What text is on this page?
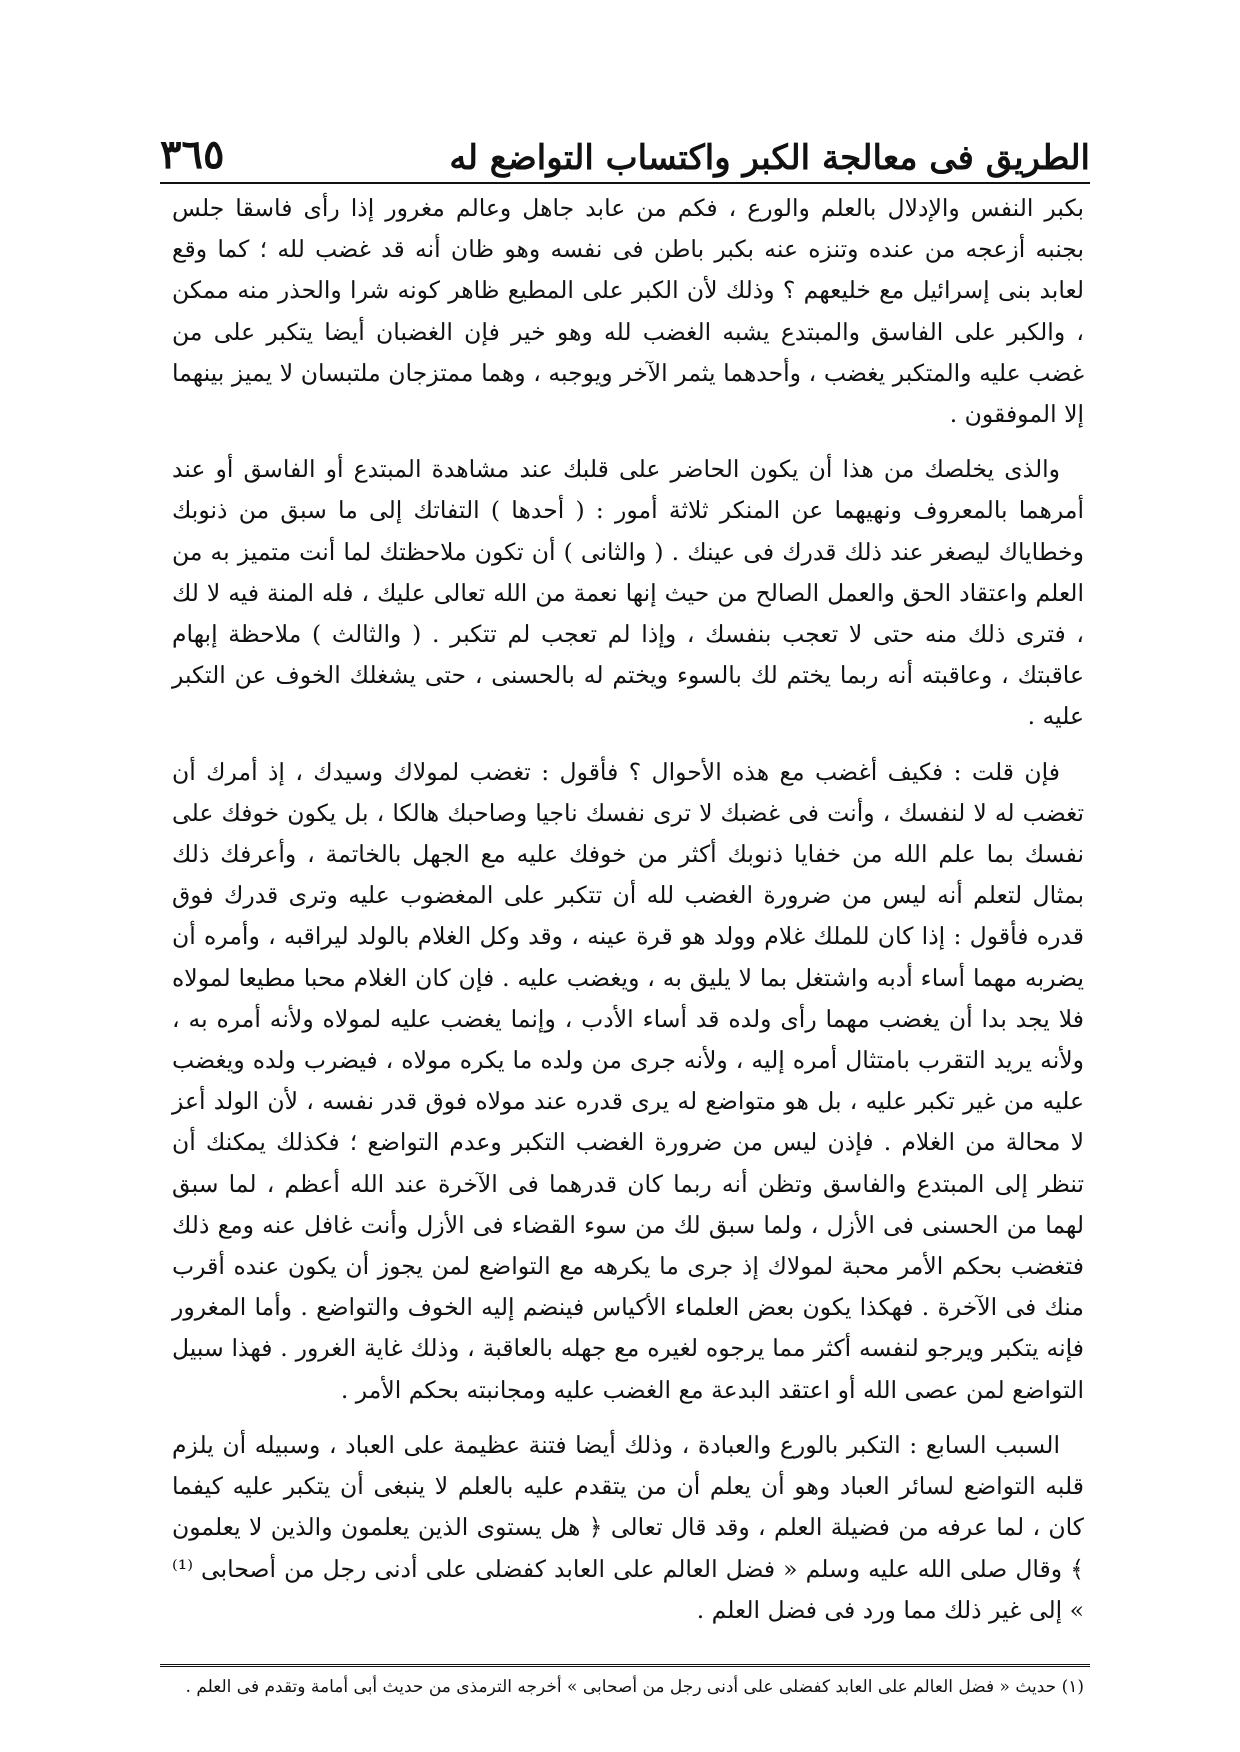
الطريق فى معالجة الكبر واكتساب التواضع له
٣٦٥

بكبر النفس والإدلال بالعلم والورع ، فكم من عابد جاهل وعالم مغرور إذا رأى فاسقا جلس بجنبه أزعجه من عنده وتنزه عنه بكبر باطن فى نفسه وهو ظان أنه قد غضب لله ؛ كما وقع لعابد بنى إسرائيل مع خليعهم ؟ وذلك لأن الكبر على المطيع ظاهر كونه شرا والحذر منه ممكن ، والكبر على الفاسق والمبتدع يشبه الغضب لله وهو خير فإن الغضبان أيضا يتكبر على من غضب عليه والمتكبر يغضب ، وأحدهما يثمر الآخر ويوجبه ، وهما ممتزجان ملتبسان لا يميز بينهما إلا الموفقون .

والذى يخلصك من هذا أن يكون الحاضر على قلبك عند مشاهدة المبتدع أو الفاسق أو عند أمرهما بالمعروف ونهيهما عن المنكر ثلاثة أمور : ( أحدها ) التفاتك إلى ما سبق من ذنوبك وخطاياك ليصغر عند ذلك قدرك فى عينك . ( والثانى ) أن تكون ملاحظتك لما أنت متميز به من العلم واعتقاد الحق والعمل الصالح من حيث إنها نعمة من الله تعالى عليك ، فله المنة فيه لا لك ، فترى ذلك منه حتى لا تعجب بنفسك ، وإذا لم تعجب لم تتكبر . ( والثالث ) ملاحظة إبهام عاقبتك ، وعاقبته أنه ربما يختم لك بالسوء ويختم له بالحسنى ، حتى يشغلك الخوف عن التكبر عليه .

فإن قلت : فكيف أغضب مع هذه الأحوال ؟ فأقول : تغضب لمولاك وسيدك ، إذ أمرك أن تغضب له لا لنفسك ، وأنت فى غضبك لا ترى نفسك ناجيا وصاحبك هالكا ، بل يكون خوفك على نفسك بما علم الله من خفايا ذنوبك أكثر من خوفك عليه مع الجهل بالخاتمة ، وأعرفك ذلك بمثال لتعلم أنه ليس من ضرورة الغضب لله أن تتكبر على المغضوب عليه وترى قدرك فوق قدره فأقول : إذا كان للملك غلام وولد هو قرة عينه ، وقد وكل الغلام بالولد ليراقبه ، وأمره أن يضربه مهما أساء أدبه واشتغل بما لا يليق به ، ويغضب عليه . فإن كان الغلام محبا مطيعا لمولاه فلا يجد بدا أن يغضب مهما رأى ولده قد أساء الأدب ، وإنما يغضب عليه لمولاه ولأنه أمره به ، ولأنه يريد التقرب بامتثال أمره إليه ، ولأنه جرى من ولده ما يكره مولاه ، فيضرب ولده ويغضب عليه من غير تكبر عليه ، بل هو متواضع له يرى قدره عند مولاه فوق قدر نفسه ، لأن الولد أعز لا محالة من الغلام . فإذن ليس من ضرورة الغضب التكبر وعدم التواضع ؛ فكذلك يمكنك أن تنظر إلى المبتدع والفاسق وتظن أنه ربما كان قدرهما فى الآخرة عند الله أعظم ، لما سبق لهما من الحسنى فى الأزل ، ولما سبق لك من سوء القضاء فى الأزل وأنت غافل عنه ومع ذلك فتغضب بحكم الأمر محبة لمولاك إذ جرى ما يكرهه مع التواضع لمن يجوز أن يكون عنده أقرب منك فى الآخرة . فهكذا يكون بعض العلماء الأكياس فينضم إليه الخوف والتواضع . وأما المغرور فإنه يتكبر ويرجو لنفسه أكثر مما يرجوه لغيره مع جهله بالعاقبة ، وذلك غاية الغرور . فهذا سبيل التواضع لمن عصى الله أو اعتقد البدعة مع الغضب عليه ومجانبته بحكم الأمر .

السبب السابع : التكبر بالورع والعبادة ، وذلك أيضا فتنة عظيمة على العباد ، وسبيله أن يلزم قلبه التواضع لسائر العباد وهو أن يعلم أن من يتقدم عليه بالعلم لا ينبغى أن يتكبر عليه كيفما كان ، لما عرفه من فضيلة العلم ، وقد قال تعالى ﴿ هل يستوى الذين يعلمون والذين لا يعلمون ﴾ وقال صلى الله عليه وسلم « فضل العالم على العابد كفضلى على أدنى رجل من أصحابى ⁽¹⁾ » إلى غير ذلك مما ورد فى فضل العلم .

(١) حديث « فضل العالم على العابد كفضلى على أدنى رجل من أصحابى » أخرجه الترمذى من حديث أبى أمامة وتقدم فى العلم .
